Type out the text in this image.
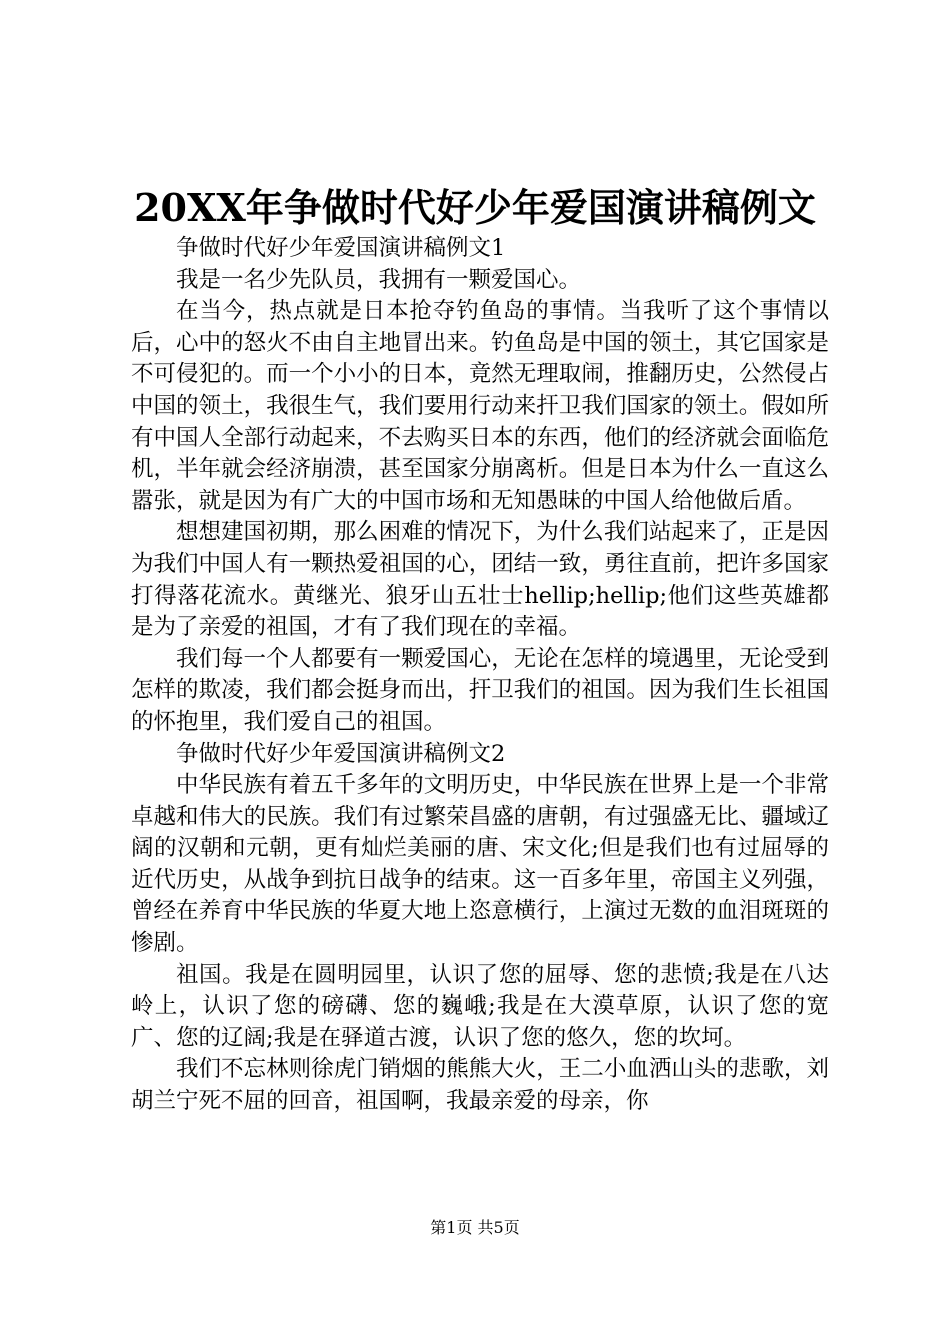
20XX年争做时代好少年爱国演讲稿例文

争做时代好少年爱国演讲稿例文1

我是一名少先队员，我拥有一颗爱国心。

在当今，热点就是日本抢夺钓鱼岛的事情。当我听了这个事情以后，心中的怒火不由自主地冒出来。钓鱼岛是中国的领土，其它国家是不可侵犯的。而一个小小的日本，竟然无理取闹，推翻历史，公然侵占中国的领土，我很生气，我们要用行动来扞卫我们国家的领土。假如所有中国人全部行动起来，不去购买日本的东西，他们的经济就会面临危机，半年就会经济崩溃，甚至国家分崩离析。但是日本为什么一直这么嚣张，就是因为有广大的中国市场和无知愚昧的中国人给他做后盾。

想想建国初期，那么困难的情况下，为什么我们站起来了，正是因为我们中国人有一颗热爱祖国的心，团结一致，勇往直前，把许多国家打得落花流水。黄继光、狼牙山五壮士hellip;hellip;他们这些英雄都是为了亲爱的祖国，才有了我们现在的幸福。

我们每一个人都要有一颗爱国心，无论在怎样的境遇里，无论受到怎样的欺凌，我们都会挺身而出，扞卫我们的祖国。因为我们生长祖国的怀抱里，我们爱自己的祖国。

争做时代好少年爱国演讲稿例文2

中华民族有着五千多年的文明历史，中华民族在世界上是一个非常卓越和伟大的民族。我们有过繁荣昌盛的唐朝，有过强盛无比、疆域辽阔的汉朝和元朝，更有灿烂美丽的唐、宋文化;但是我们也有过屈辱的近代历史，从战争到抗日战争的结束。这一百多年里，帝国主义列强，曾经在养育中华民族的华夏大地上恣意横行，上演过无数的血泪斑斑的惨剧。

祖国。我是在圆明园里，认识了您的屈辱、您的悲愤;我是在八达岭上，认识了您的磅礴、您的巍峨;我是在大漠草原，认识了您的宽广、您的辽阔;我是在驿道古渡，认识了您的悠久，您的坎坷。

我们不忘林则徐虎门销烟的熊熊大火，王二小血洒山头的悲歌，刘胡兰宁死不屈的回音，祖国啊，我最亲爱的母亲，你

第1页 共5页
